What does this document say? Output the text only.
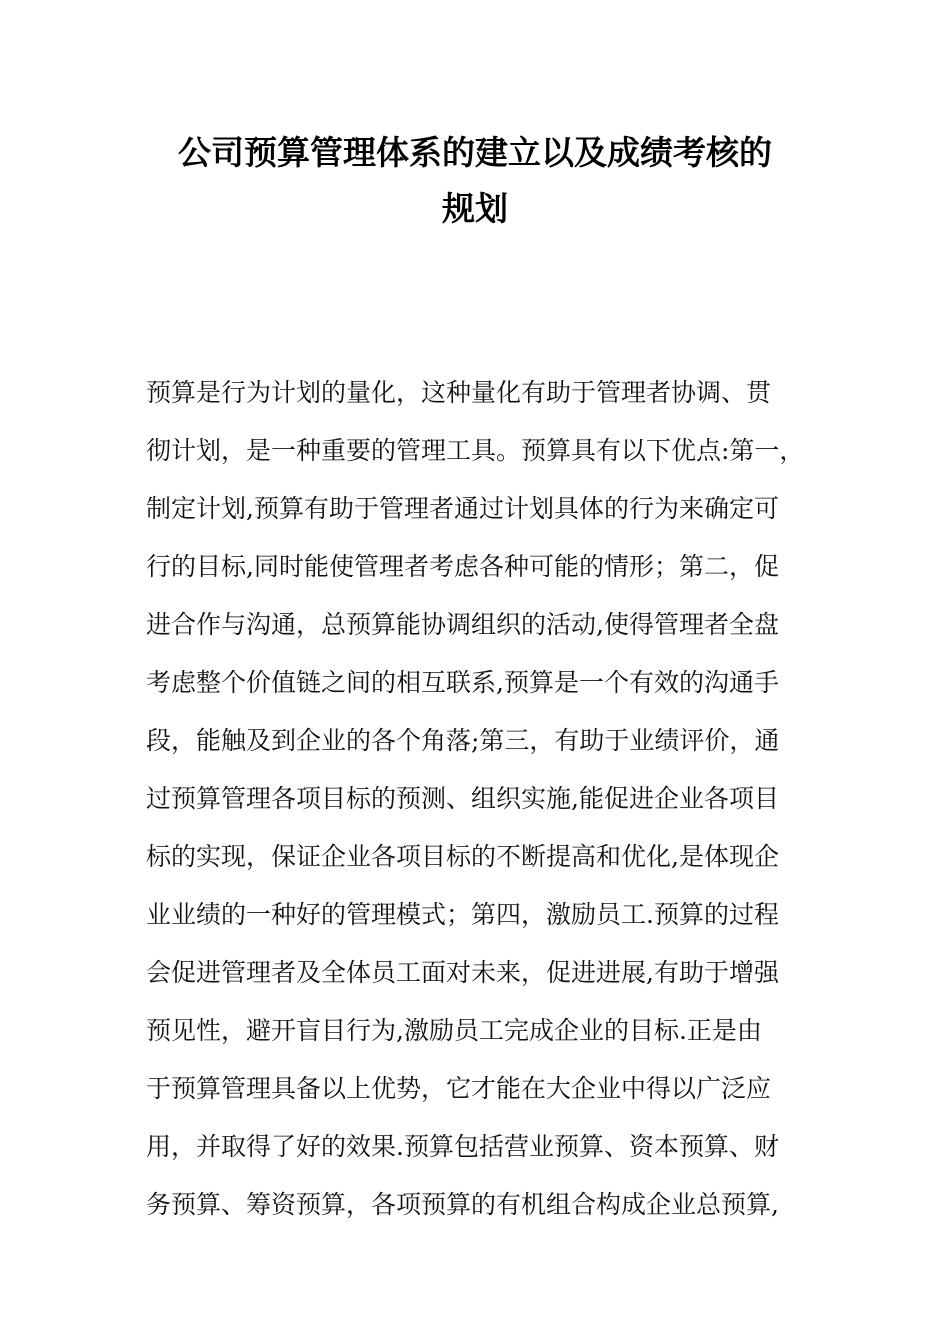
公司预算管理体系的建立以及成绩考核的
规划

预算是行为计划的量化，这种量化有助于管理者协调、贯

彻计划，是一种重要的管理工具。预算具有以下优点:第一，

制定计划,预算有助于管理者通过计划具体的行为来确定可

行的目标,同时能使管理者考虑各种可能的情形；第二，促

进合作与沟通，总预算能协调组织的活动,使得管理者全盘

考虑整个价值链之间的相互联系,预算是一个有效的沟通手

段，能触及到企业的各个角落;第三，有助于业绩评价，通

过预算管理各项目标的预测、组织实施,能促进企业各项目

标的实现，保证企业各项目标的不断提高和优化,是体现企

业业绩的一种好的管理模式；第四，激励员工.预算的过程

会促进管理者及全体员工面对未来，促进进展,有助于增强

预见性，避开盲目行为,激励员工完成企业的目标.正是由

于预算管理具备以上优势，它才能在大企业中得以广泛应

用，并取得了好的效果.预算包括营业预算、资本预算、财

务预算、筹资预算，各项预算的有机组合构成企业总预算,
